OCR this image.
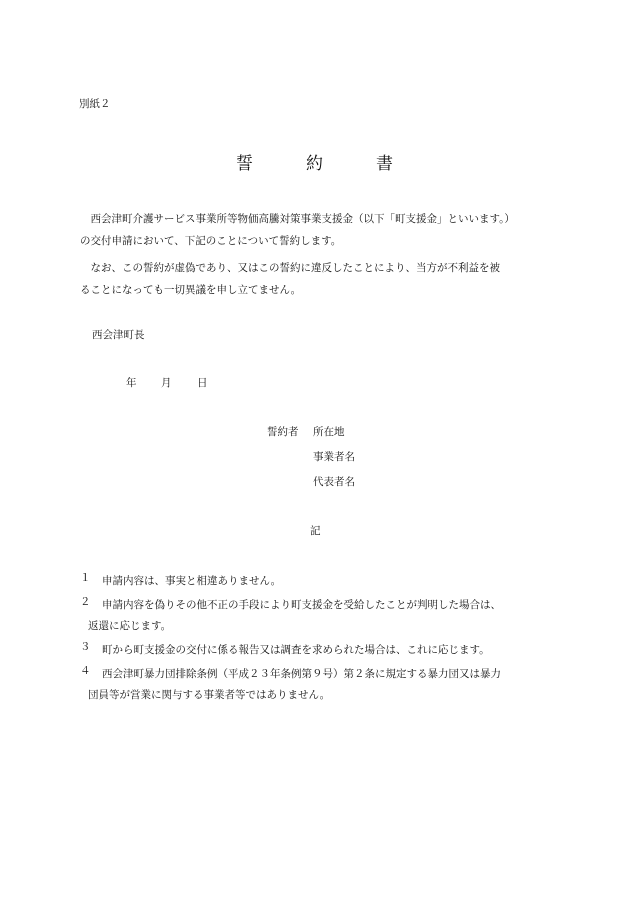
別紙２
誓	約	書
　西会津町介護サービス事業所等物価高騰対策事業支援金（以下「町支援金」といいます。）
の交付申請において、下記のことについて誓約します。
　なお、この誓約が虚偽であり、又はこの誓約に違反したことにより、当方が不利益を被
ることになっても一切異議を申し立てません。
西会津町長
年 月 日
誓約者 所在地
事業者名
代表者名
記
１	申請内容は、事実と相違ありません。
２	申請内容を偽りその他不正の手段により町支援金を受給したことが判明した場合は、
返還に応じます。
３	町から町支援金の交付に係る報告又は調査を求められた場合は、これに応じます。
４	西会津町暴力団排除条例（平成２３年条例第９号）第２条に規定する暴力団又は暴力
団員等が営業に関与する事業者等ではありません。
